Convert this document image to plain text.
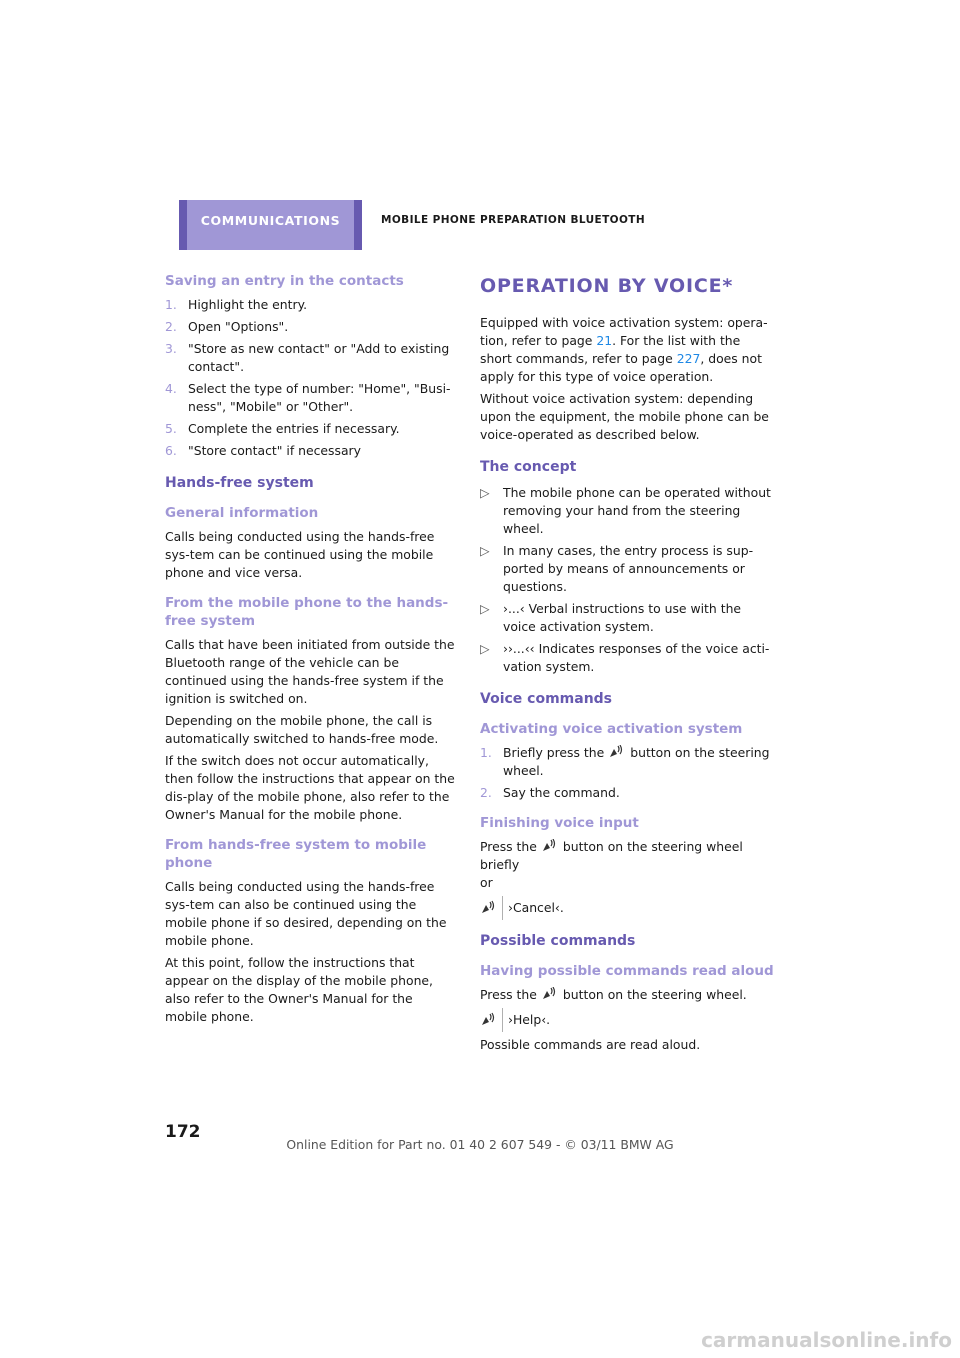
COMMUNICATIONS	MOBILE PHONE PREPARATION BLUETOOTH
Saving an entry in the contacts
1. Highlight the entry.
2. Open "Options".
3. "Store as new contact" or "Add to existing contact".
4. Select the type of number: "Home", "Busi-ness", "Mobile" or "Other".
5. Complete the entries if necessary.
6. "Store contact" if necessary
Hands-free system
General information

Calls being conducted using the hands-free sys-tem can be continued using the mobile phone and vice versa.

From the mobile phone to the hands-free system

Calls that have been initiated from outside the Bluetooth range of the vehicle can be continued using the hands-free system if the ignition is switched on.

Depending on the mobile phone, the call is automatically switched to hands-free mode.

If the switch does not occur automatically, then follow the instructions that appear on the dis-play of the mobile phone, also refer to the Owner's Manual for the mobile phone.

From hands-free system to mobile phone

Calls being conducted using the hands-free sys-tem can also be continued using the mobile phone if so desired, depending on the mobile phone.

At this point, follow the instructions that appear on the display of the mobile phone, also refer to the Owner's Manual for the mobile phone.

OPERATION BY VOICE*

Equipped with voice activation system: opera-tion, refer to page 21. For the list with the short commands, refer to page 227, does not apply for this type of voice operation.

Without voice activation system: depending upon the equipment, the mobile phone can be voice-operated as described below.

The concept
▷ The mobile phone can be operated without removing your hand from the steering wheel.
▷ In many cases, the entry process is sup-ported by means of announcements or questions.
▷ ›...‹ Verbal instructions to use with the voice activation system.
▷ ››...‹‹ Indicates responses of the voice acti-vation system.
Voice commands
Activating voice activation system
1. Briefly press the button on the steering wheel.
2. Say the command.
Finishing voice input

Press the button on the steering wheel briefly
or

›Cancel‹.
Possible commands
Having possible commands read aloud

Press the button on the steering wheel.

›Help‹.

Possible commands are read aloud.

172
Online Edition for Part no. 01 40 2 607 549 - © 03/11 BMW AG
carmanualsonline.info
